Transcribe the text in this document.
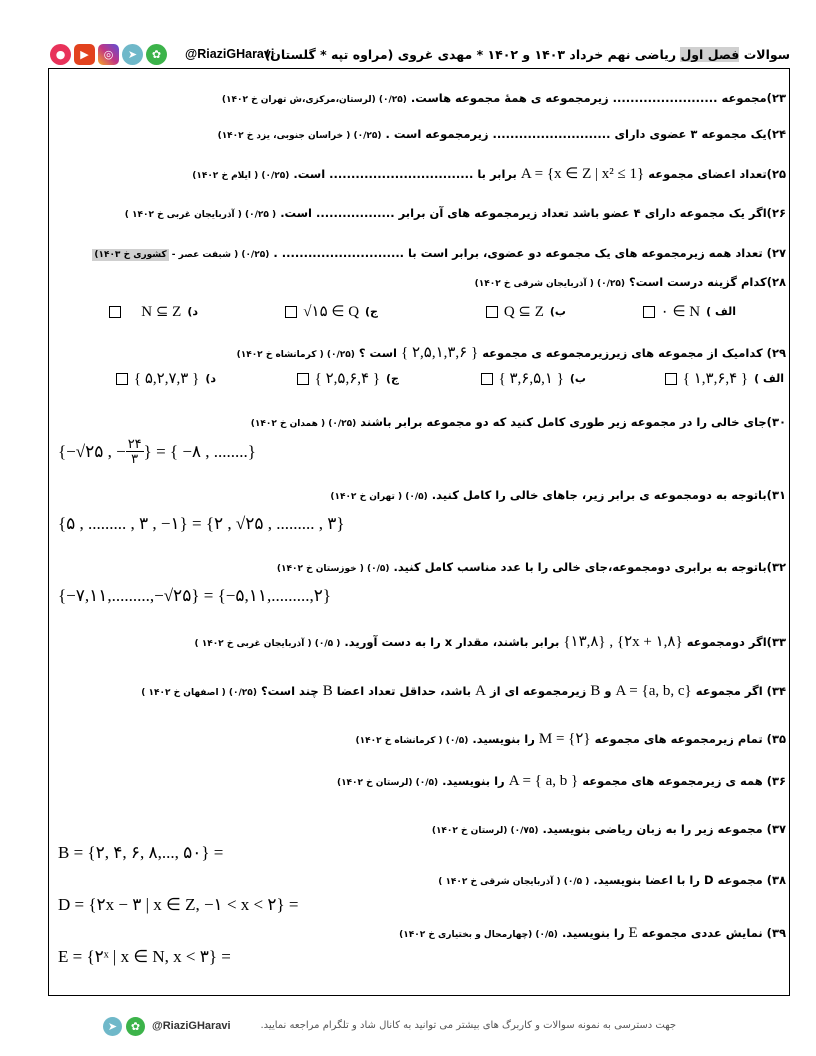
●	▶	◎	➤	✿	@RiaziGHaravi	سوالات فصل اول ریاضی نهم خرداد ۱۴۰۳ و ۱۴۰۲ * مهدی غروی (مراوه تپه * گلستان)
۲۳)مجموعه ........................ زیرمجموعه ی همهٔ مجموعه هاست. (۰/۲۵) (لرستان،مرکزی،ش تهران خ ۱۴۰۲)
۲۴)یک مجموعه ۳ عضوی دارای ........................... زیرمجموعه است . (۰/۲۵) ( خراسان جنوبی، یزد خ ۱۴۰۲)
۲۵)تعداد اعضای مجموعه A = {x ∈ Z | x² ≤ 1} برابر با ................................. است. (۰/۲۵) ( ایلام خ ۱۴۰۲)
۲۶)اگر یک مجموعه دارای ۴ عضو باشد تعداد زیرمجموعه های آن برابر .................. است. ( ۰/۲۵) ( آذربایجان غربی خ ۱۴۰۲ )
۲۷) تعداد همه زیرمجموعه های یک مجموعه دو عضوی، برابر است با ............................ . (۰/۲۵) ( شبفت عصر - کشوری خ ۱۴۰۳)
۲۸)کدام گزینه درست است؟ (۰/۲۵) ( آذربایجان شرقی خ ۱۴۰۲)
الف )
۰ ∈ N
ب)
Q ⊆ Z
ج)
√۱۵ ∈ Q
د)
N ⊆ Z
۲۹) کدامیک از مجموعه های زیرزیرمجموعه ی مجموعه { ۲,۵,۱,۳,۶ } است ؟ (۰/۲۵) ( کرمانشاه خ ۱۴۰۲)
الف )
{ ۱,۳,۶,۴ }
ب)
{ ۳,۶,۵,۱ }
ج)
{ ۲,۵,۶,۴ }
د)
{ ۵,۲,۷,۳ }
۳۰)جای خالی را در مجموعه زیر طوری کامل کنید که دو مجموعه برابر باشند (۰/۲۵) ( همدان خ ۱۴۰۲)
{−√۲۵ , − ۲۴
۳ } = { −۸ , ........}
۳۱)باتوجه به دومجموعه ی برابر زیر، جاهای خالی را کامل کنید. (۰/۵) ( تهران خ ۱۴۰۲)
{۵ , ......... , ۳ , −۱} = {۲ , √۲۵ , ......... , ۳}
۳۲)باتوجه به برابری دومجموعه،جای خالی را با عدد مناسب کامل کنید. (۰/۵) ( خوزستان خ ۱۴۰۲)
{−۷,۱۱,.........,−√۲۵} = {−۵,۱۱,.........,۲}
۳۳)اگر دومجموعه {۱۳,۸} , {۲x + ۱,۸} برابر باشند، مقدار x را به دست آورید. ( ۰/۵) ( آذربایجان غربی خ ۱۴۰۲ )
۳۴) اگر مجموعه A = {a, b, c} و B زیرمجموعه ای از A باشد، حداقل تعداد اعضا B چند است؟ (۰/۲۵) ( اصفهان خ ۱۴۰۲ )
۳۵) تمام زیرمجموعه های مجموعه M = {۲} را بنویسید. (۰/۵) ( کرمانشاه خ ۱۴۰۲)
۳۶) همه ی زیرمجموعه های مجموعه A = { a, b } را بنویسید. (۰/۵) (لرستان خ ۱۴۰۲)
۳۷) مجموعه زیر را به زبان ریاضی بنویسید. (۰/۷۵) (لرستان خ ۱۴۰۲)
B = {۲, ۴, ۶, ۸,..., ۵۰} =
۳۸) مجموعه D را با اعضا بنویسید. ( ۰/۵) ( آذربایجان شرقی خ ۱۴۰۲ )
D = {۲x − ۳ | x ∈ Z, −۱ < x < ۲} =
۳۹) نمایش عددی مجموعه E را بنویسید. (۰/۵) (چهارمحال و بختیاری خ ۱۴۰۲)
E = {۲ˣ | x ∈ N, x < ۳} =
➤	✿	@RiaziGHaravi	جهت دسترسی به نمونه سوالات و کاربرگ های بیشتر می توانید به کانال شاد و تلگرام مراجعه نمایید.
